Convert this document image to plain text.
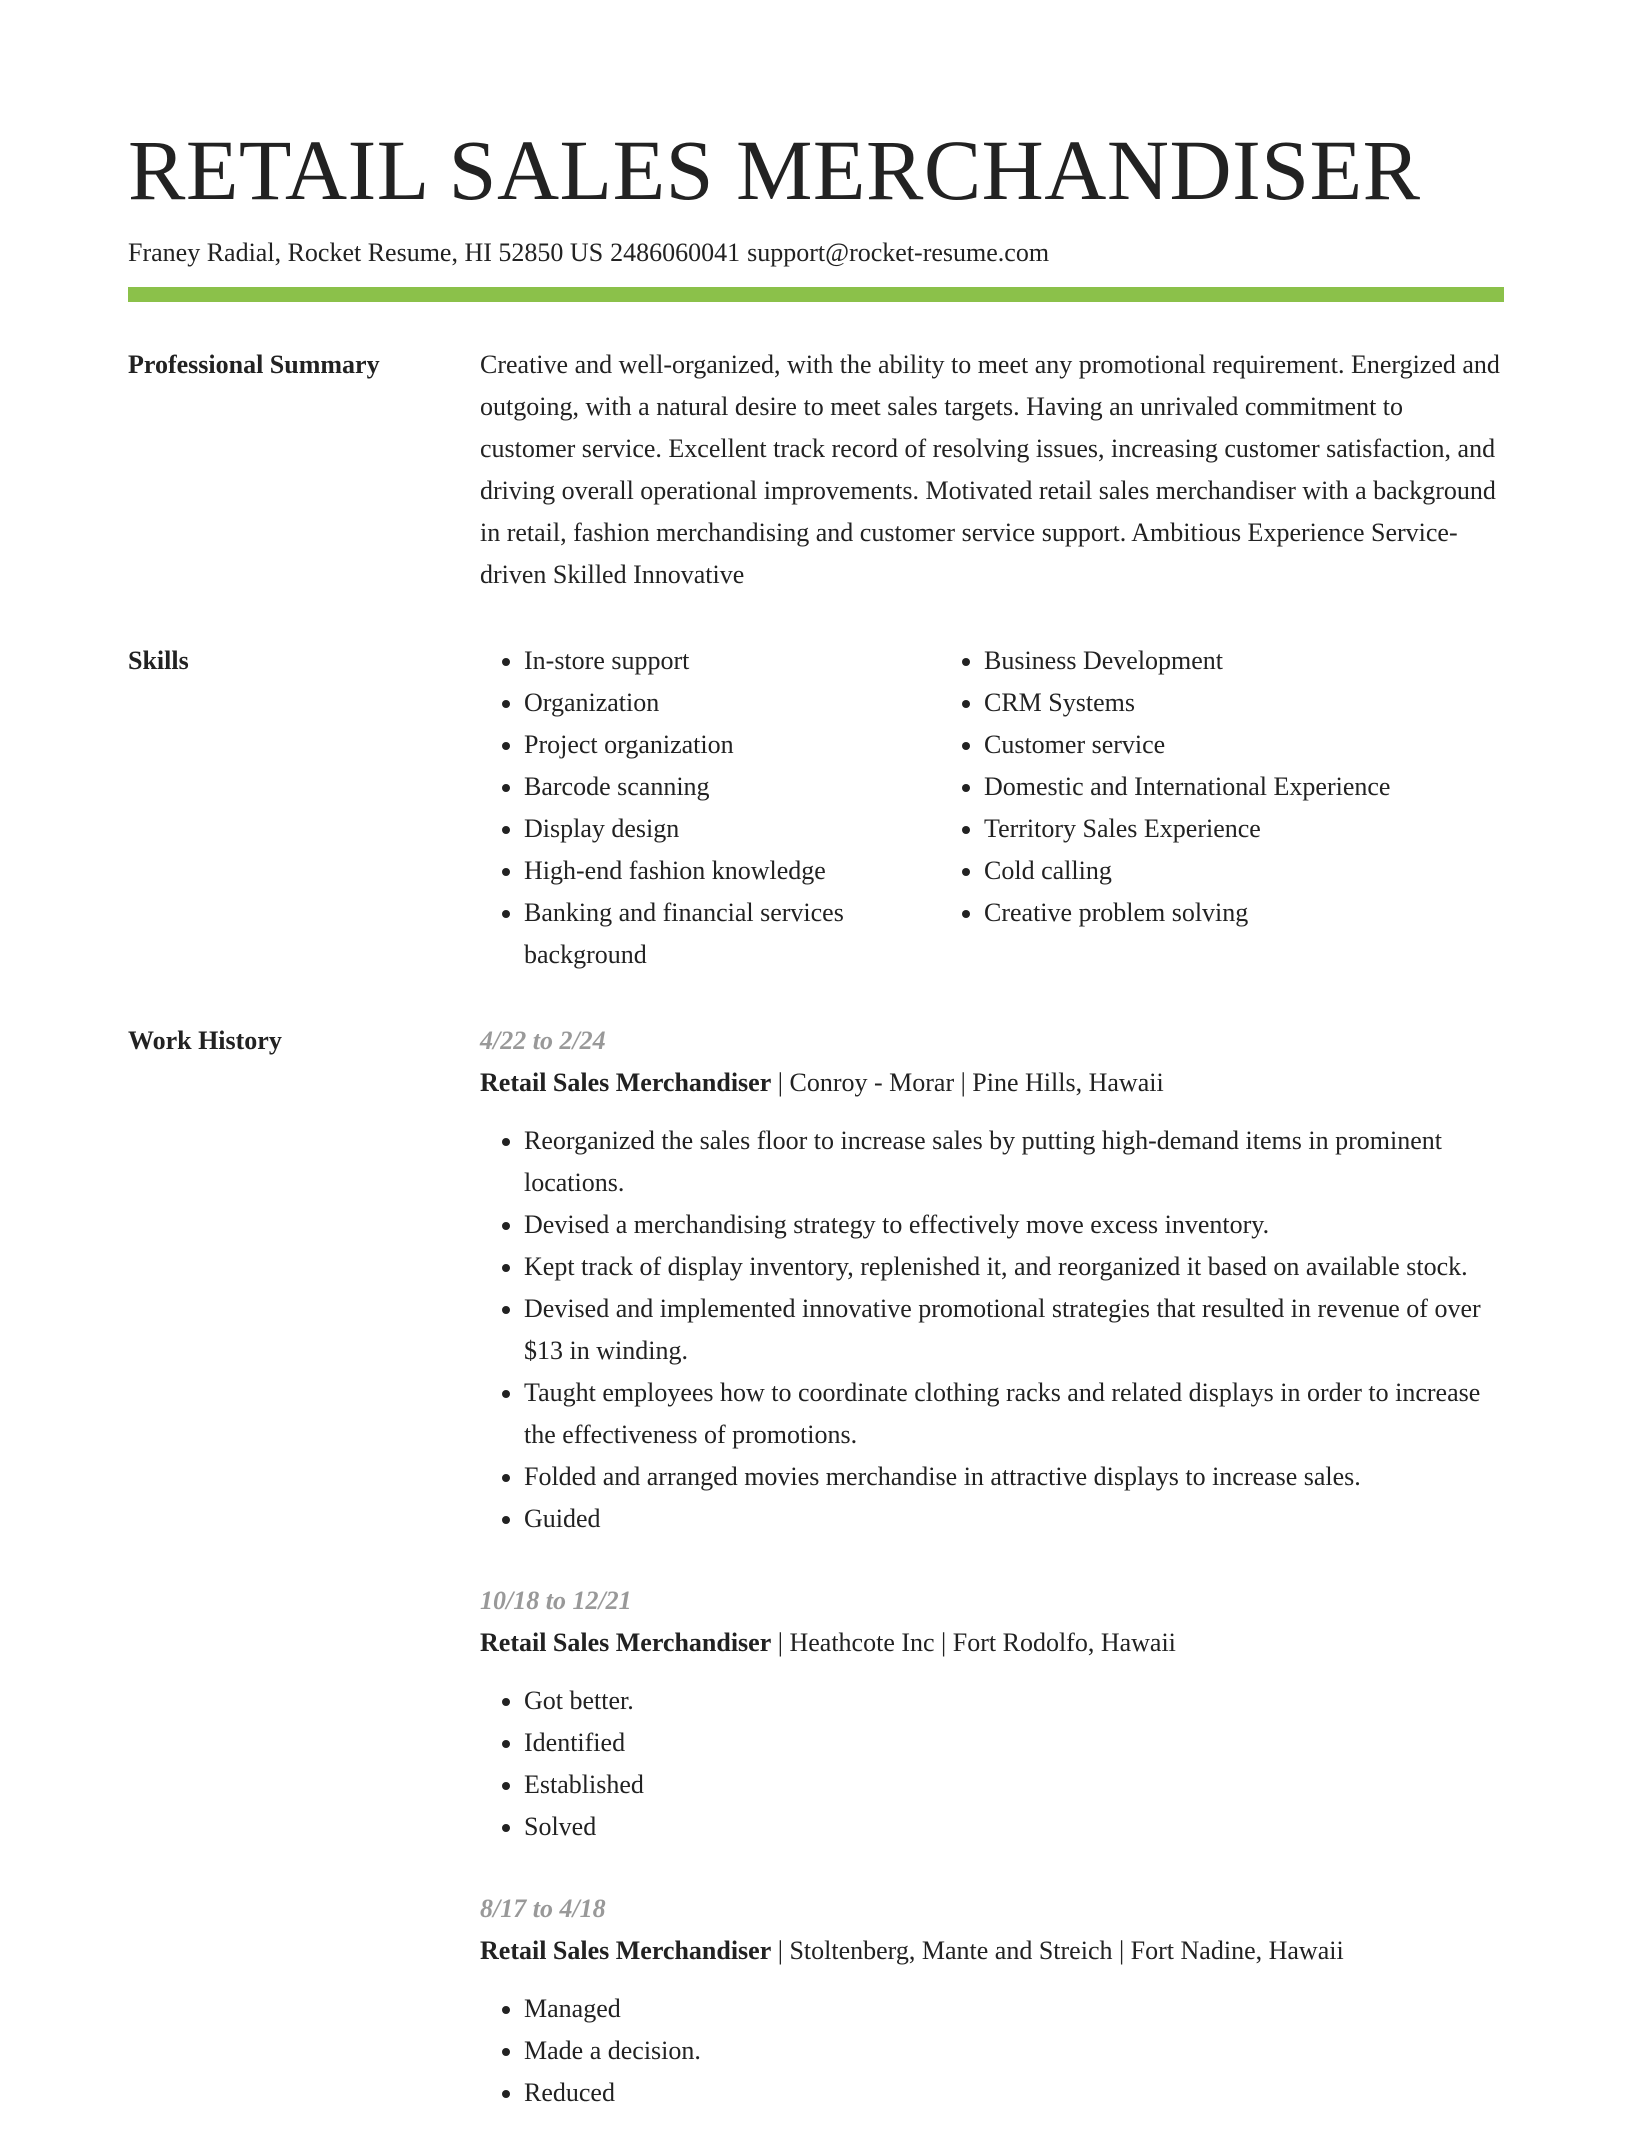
RETAIL SALES MERCHANDISER
Franey Radial, Rocket Resume, HI 52850 US 2486060041 support@rocket-resume.com
Professional Summary	Creative and well-organized, with the ability to meet any promotional requirement. Energized and outgoing, with a natural desire to meet sales targets. Having an unrivaled commitment to customer service. Excellent track record of resolving issues, increasing customer satisfaction, and driving overall operational improvements. Motivated retail sales merchandiser with a background in retail, fashion merchandising and customer service support. Ambitious Experience Service-driven Skilled Innovative

Skills
•	In-store support
• Organization
• Project organization
• Barcode scanning
• Display design
• High-end fashion knowledge
• Banking and financial services background
• Business Development
• CRM Systems
• Customer service
• Domestic and International Experience
• Territory Sales Experience
• Cold calling
• Creative problem solving
Work History	4/22 to 2/24
Retail Sales Merchandiser | Conroy - Morar | Pine Hills, Hawaii
• Reorganized the sales floor to increase sales by putting high-demand items in prominent locations.
• Devised a merchandising strategy to effectively move excess inventory.
• Kept track of display inventory, replenished it, and reorganized it based on available stock.
• Devised and implemented innovative promotional strategies that resulted in revenue of over $13 in winding.
• Taught employees how to coordinate clothing racks and related displays in order to increase the effectiveness of promotions.
• Folded and arranged movies merchandise in attractive displays to increase sales.
• Guided
10/18 to 12/21
Retail Sales Merchandiser | Heathcote Inc | Fort Rodolfo, Hawaii
• Got better.
• Identified
• Established
• Solved
8/17 to 4/18
Retail Sales Merchandiser | Stoltenberg, Mante and Streich | Fort Nadine, Hawaii
• Managed
• Made a decision.
• Reduced
